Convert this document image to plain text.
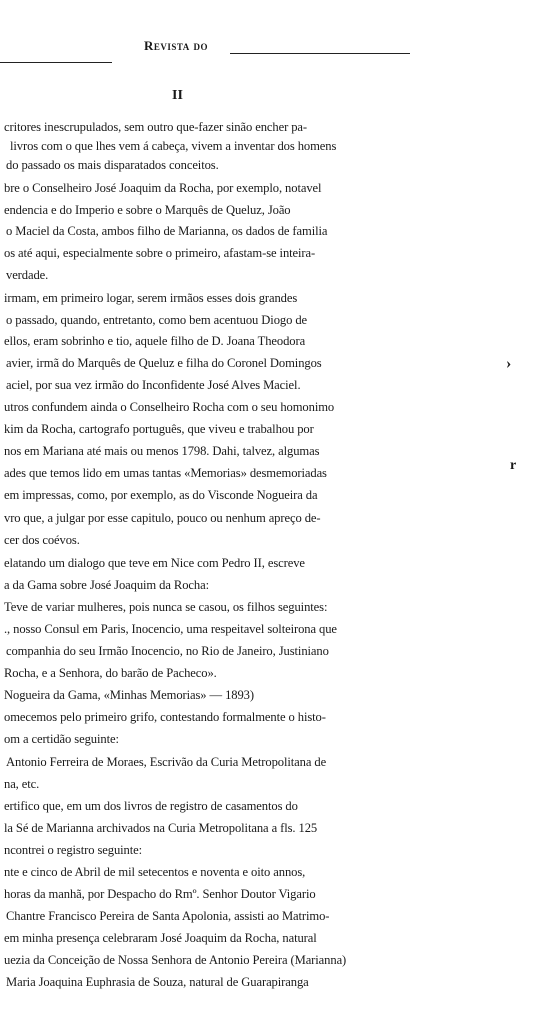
Revista do
II
critores inescrupulados, sem outro que-fazer sinão encher pa-
livros com o que lhes vem á cabeça, vivem a inventar dos homens
do passado os mais disparatados conceitos.
bre o Conselheiro José Joaquim da Rocha, por exemplo, notavel
endencia e do Imperio e sobre o Marquês de Queluz, João
o Maciel da Costa, ambos filho de Marianna, os dados de familia
os até aqui, especialmente sobre o primeiro, afastam-se inteira-
verdade.
irmam, em primeiro logar, serem irmãos esses dois grandes
o passado, quando, entretanto, como bem acentuou Diogo de
ellos, eram sobrinho e tio, aquele filho de D. Joana Theodora
avier, irmã do Marquês de Queluz e filha do Coronel Domingos
aciel, por sua vez irmão do Inconfidente José Alves Maciel.
utros confundem ainda o Conselheiro Rocha com o seu homonimo
kim da Rocha, cartografo português, que viveu e trabalhou por
nos em Mariana até mais ou menos 1798. Dahi, talvez, algumas
ades que temos lido em umas tantas «Memorias» desmemoriadas
em impressas, como, por exemplo, as do Visconde Nogueira da
vro que, a julgar por esse capitulo, pouco ou nenhum apreço de-
cer dos coévos.
elatando um dialogo que teve em Nice com Pedro II, escreve
a da Gama sobre José Joaquim da Rocha:
Teve de variar mulheres, pois nunca se casou, os filhos seguintes:
., nosso Consul em Paris, Inocencio, uma respeitavel solteirona que
companhia do seu Irmão Inocencio, no Rio de Janeiro, Justiniano
Rocha, e a Senhora, do barão de Pacheco».
Nogueira da Gama, «Minhas Memorias» — 1893)
omecemos pelo primeiro grifo, contestando formalmente o histo-
om a certidão seguinte:
Antonio Ferreira de Moraes, Escrivão da Curia Metropolitana de
na, etc.
ertifico que, em um dos livros de registro de casamentos do
la Sé de Marianna archivados na Curia Metropolitana a fls. 125
ncontrei o registro seguinte:
nte e cinco de Abril de mil setecentos e noventa e oito annos,
horas da manhã, por Despacho do Rmº. Senhor Doutor Vigario
Chantre Francisco Pereira de Santa Apolonia, assisti ao Matrimo-
em minha presença celebraram José Joaquim da Rocha, natural
uezia da Conceição de Nossa Senhora de Antonio Pereira (Marianna)
Maria Joaquina Euphrasia de Souza, natural de Guarapiranga
›
r
